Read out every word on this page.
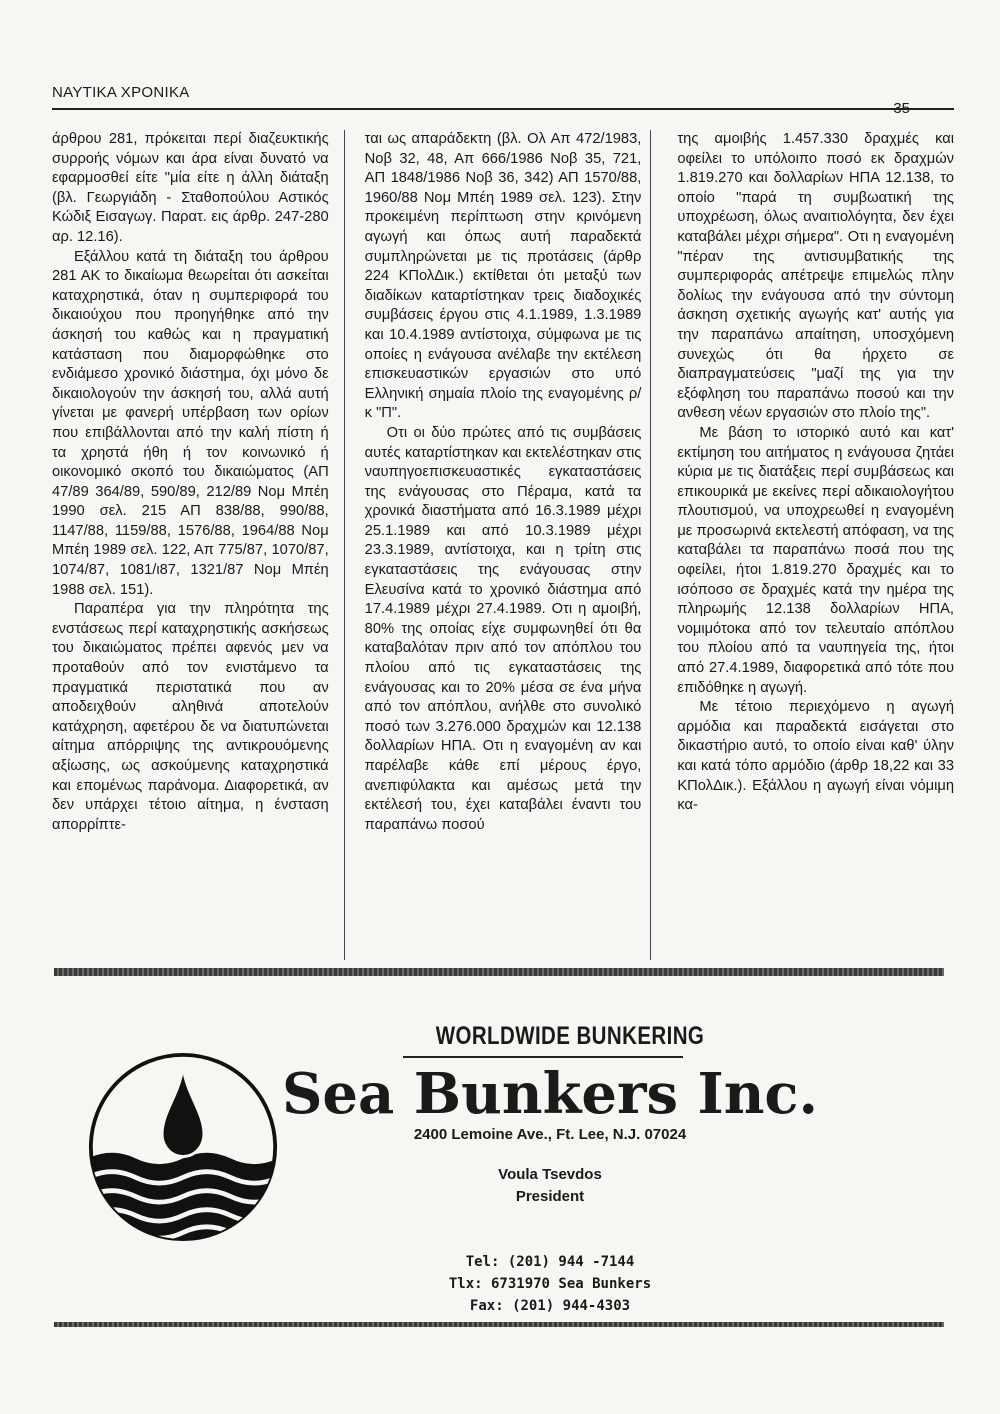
ΝΑΥΤΙΚΑ ΧΡΟΝΙΚΑ
35

άρθρου 281, πρόκειται περί διαζευκτικής συρροής νόμων και άρα είναι δυνατό να εφαρμοσθεί είτε "μία είτε η άλλη διάταξη (βλ. Γεωργιάδη - Σταθοπούλου Αστικός Κώδιξ Εισαγωγ. Παρατ. εις άρθρ. 247-280 αρ. 12.16).

Εξάλλου κατά τη διάταξη του άρθρου 281 ΑΚ το δικαίωμα θεωρείται ότι ασκείται καταχρηστικά, όταν η συμπεριφορά του δικαιούχου που προηγήθηκε από την άσκησή του καθώς και η πραγματική κατάσταση που διαμορφώθηκε στο ενδιάμεσο χρονικό διάστημα, όχι μόνο δε δικαιολογούν την άσκησή του, αλλά αυτή γίνεται με φανερή υπέρβαση των ορίων που επιβάλλονται από την καλή πίστη ή τα χρηστά ήθη ή τον κοινωνικό ή οικονομικό σκοπό του δικαιώματος (ΑΠ 47/89 364/89, 590/89, 212/89 Νομ Μπέη 1990 σελ. 215 ΑΠ 838/88, 990/88, 1147/88, 1159/88, 1576/88, 1964/88 Νομ Μπέη 1989 σελ. 122, Απ 775/87, 1070/87, 1074/87, 1081/ι87, 1321/87 Νομ Μπέη 1988 σελ. 151).

Παραπέρα για την πληρότητα της ενστάσεως περί καταχρηστικής ασκήσεως του δικαιώματος πρέπει αφενός μεν να προταθούν από τον ενιστάμενο τα πραγματικά περιστατικά που αν αποδειχθούν αληθινά αποτελούν κατάχρηση, αφετέρου δε να διατυπώνεται αίτημα απόρριψης της αντικρουόμενης αξίωσης, ως ασκούμενης καταχρηστικά και επομένως παράνομα. Διαφορετικά, αν δεν υπάρχει τέτοιο αίτημα, η ένσταση απορρίπτε-

ται ως απαράδεκτη (βλ. Ολ Απ 472/1983, Νοβ 32, 48, Απ 666/1986 Νοβ 35, 721, ΑΠ 1848/1986 Νοβ 36, 342) ΑΠ 1570/88, 1960/88 Νομ Μπέη 1989 σελ. 123). Στην προκειμένη περίπτωση στην κρινόμενη αγωγή και όπως αυτή παραδεκτά συμπληρώνεται με τις προτάσεις (άρθρ 224 ΚΠολΔικ.) εκτίθεται ότι μεταξύ των διαδίκων καταρτίστηκαν τρεις διαδοχικές συμβάσεις έργου στις 4.1.1989, 1.3.1989 και 10.4.1989 αντίστοιχα, σύμφωνα με τις οποίες η ενάγουσα ανέλαβε την εκτέλεση επισκευαστικών εργασιών στο υπό Ελληνική σημαία πλοίο της εναγομένης ρ/κ "Π".

Οτι οι δύο πρώτες από τις συμβάσεις αυτές καταρτίστηκαν και εκτελέστηκαν στις ναυπηγοεπισκευαστικές εγκαταστάσεις της ενάγουσας στο Πέραμα, κατά τα χρονικά διαστήματα από 16.3.1989 μέχρι 25.1.1989 και από 10.3.1989 μέχρι 23.3.1989, αντίστοιχα, και η τρίτη στις εγκαταστάσεις της ενάγουσας στην Ελευσίνα κατά το χρονικό διάστημα από 17.4.1989 μέχρι 27.4.1989. Οτι η αμοιβή, 80% της οποίας είχε συμφωνηθεί ότι θα καταβαλόταν πριν από τον απόπλου του πλοίου από τις εγκαταστάσεις της ενάγουσας και το 20% μέσα σε ένα μήνα από τον απόπλου, ανήλθε στο συνολικό ποσό των 3.276.000 δραχμών και 12.138 δολλαρίων ΗΠΑ. Οτι η εναγομένη αν και παρέλαβε κάθε επί μέρους έργο, ανεπιφύλακτα και αμέσως μετά την εκτέλεσή του, έχει καταβάλει έναντι του παραπάνω ποσού

της αμοιβής 1.457.330 δραχμές και οφείλει το υπόλοιπο ποσό εκ δραχμών 1.819.270 και δολλαρίων ΗΠΑ 12.138, το οποίο "παρά τη συμβωατική της υποχρέωση, όλως αναιτιολόγητα, δεν έχει καταβάλει μέχρι σήμερα". Οτι η εναγομένη "πέραν της αντισυμβατικής της συμπεριφοράς απέτρεψε επιμελώς πλην δολίως την ενάγουσα από την σύντομη άσκηση σχετικής αγωγής κατ' αυτής για την παραπάνω απαίτηση, υποσχόμενη συνεχώς ότι θα ήρχετο σε διαπραγματεύσεις "μαζί της για την εξόφληση του παραπάνω ποσού και την ανθεση νέων εργασιών στο πλοίο της".

Με βάση το ιστορικό αυτό και κατ' εκτίμηση του αιτήματος η ενάγουσα ζητάει κύρια με τις διατάξεις περί συμβάσεως και επικουρικά με εκείνες περί αδικαιολογήτου πλουτισμού, να υποχρεωθεί η εναγομένη με προσωρινά εκτελεστή απόφαση, να της καταβάλει τα παραπάνω ποσά που της οφείλει, ήτοι 1.819.270 δραχμές και το ισόποσο σε δραχμές κατά την ημέρα της πληρωμής 12.138 δολλαρίων ΗΠΑ, νομιμότοκα από τον τελευταίο απόπλου του πλοίου από τα ναυπηγεία της, ήτοι από 27.4.1989, διαφορετικά από τότε που επιδόθηκε η αγωγή.

Με τέτοιο περιεχόμενο η αγωγή αρμόδια και παραδεκτά εισάγεται στο δικαστήριο αυτό, το οποίο είναι καθ' ύλην και κατά τόπο αρμόδιο (άρθρ 18,22 και 33 ΚΠολΔικ.). Εξάλλου η αγωγή είναι νόμιμη κα-

WORLDWIDE BUNKERING
Sea Bunkers Inc.
2400 Lemoine Ave., Ft. Lee, N.J. 07024
Voula Tsevdos
President
Tel: (201) 944 -7144
Tlx: 6731970 Sea Bunkers
Fax: (201) 944-4303
